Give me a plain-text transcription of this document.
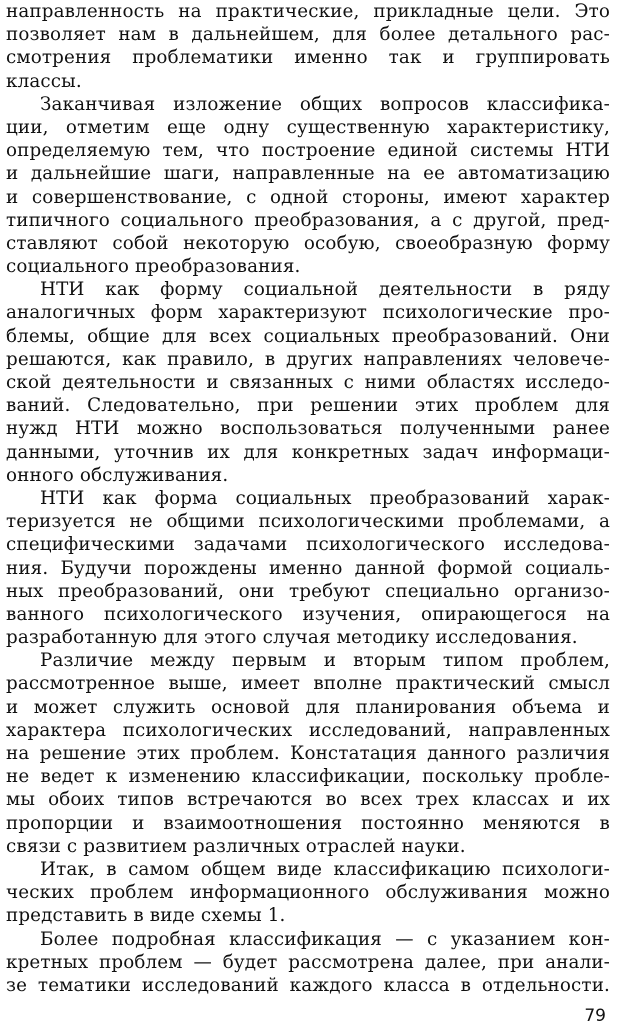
направленность на практические, прикладные цели. Это
позволяет нам в дальнейшем, для более детального рас-
смотрения проблематики именно так и группировать
классы.
Заканчивая изложение общих вопросов классифика-
ции, отметим еще одну существенную характеристику,
определяемую тем, что построение единой системы НТИ
и дальнейшие шаги, направленные на ее автоматизацию
и совершенствование, с одной стороны, имеют характер
типичного социального преобразования, а с другой, пред-
ставляют собой некоторую особую, своеобразную форму
социального преобразования.
НТИ как форму социальной деятельности в ряду
аналогичных форм характеризуют психологические про-
блемы, общие для всех социальных преобразований. Они
решаются, как правило, в других направлениях человече-
ской деятельности и связанных с ними областях исследо-
ваний. Следовательно, при решении этих проблем для
нужд НТИ можно воспользоваться полученными ранее
данными, уточнив их для конкретных задач информаци-
онного обслуживания.
НТИ как форма социальных преобразований харак-
теризуется не общими психологическими проблемами, а
специфическими задачами психологического исследова-
ния. Будучи порождены именно данной формой социаль-
ных преобразований, они требуют специально организо-
ванного психологического изучения, опирающегося на
разработанную для этого случая методику исследования.
Различие между первым и вторым типом проблем,
рассмотренное выше, имеет вполне практический смысл
и может служить основой для планирования объема и
характера психологических исследований, направленных
на решение этих проблем. Констатация данного различия
не ведет к изменению классификации, поскольку пробле-
мы обоих типов встречаются во всех трех классах и их
пропорции и взаимоотношения постоянно меняются в
связи с развитием различных отраслей науки.
Итак, в самом общем виде классификацию психологи-
ческих проблем информационного обслуживания можно
представить в виде схемы 1.
Более подробная классификация — с указанием кон-
кретных проблем — будет рассмотрена далее, при анали-
зе тематики исследований каждого класса в отдельности.
79
